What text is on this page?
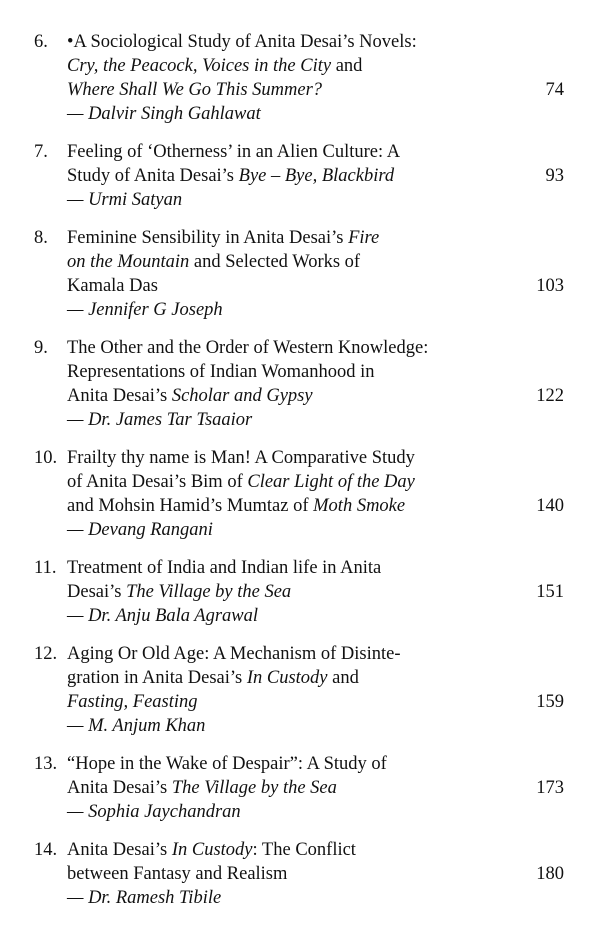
6.	•A Sociological Study of Anita Desai’s Novels:
Cry, the Peacock, Voices in the City and
Where Shall We Go This Summer?	74
— Dalvir Singh Gahlawat
7.	Feeling of ‘Otherness’ in an Alien Culture: A
Study of Anita Desai’s Bye – Bye, Blackbird	93
— Urmi Satyan
8.	Feminine Sensibility in Anita Desai’s Fire
on the Mountain and Selected Works of
Kamala Das	103
— Jennifer G Joseph
9.	The Other and the Order of Western Knowledge:
Representations of Indian Womanhood in
Anita Desai’s Scholar and Gypsy	122
— Dr. James Tar Tsaaior
10. Frailty thy name is Man! A Comparative Study
of Anita Desai’s Bim of Clear Light of the Day
and Mohsin Hamid’s Mumtaz of Moth Smoke	140
— Devang Rangani
11. Treatment of India and Indian life in Anita
Desai’s The Village by the Sea	151
— Dr. Anju Bala Agrawal
12. Aging Or Old Age: A Mechanism of Disinte-
gration in Anita Desai’s In Custody and
Fasting, Feasting	159
— M. Anjum Khan
13. “Hope in the Wake of Despair”: A Study of
Anita Desai’s The Village by the Sea	173
— Sophia Jaychandran
14. Anita Desai’s In Custody: The Conflict
between Fantasy and Realism	180
— Dr. Ramesh Tibile
